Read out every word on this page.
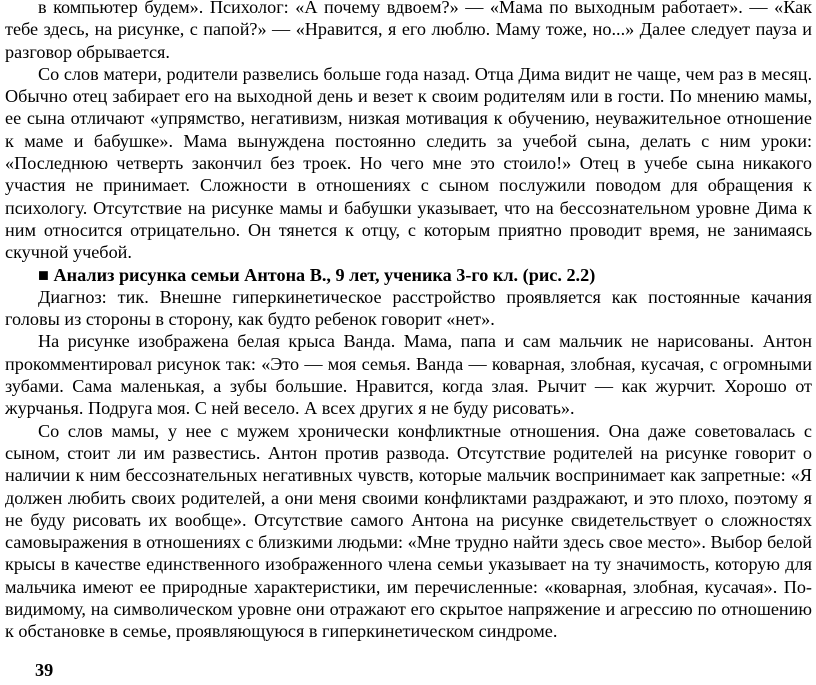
в компьютер будем». Психолог: «А почему вдвоем?» — «Мама по выходным работает». — «Как тебе здесь, на рисунке, с папой?» — «Нравится, я его люблю. Маму тоже, но...» Далее следует пауза и разговор обрывается.

Со слов матери, родители развелись больше года назад. Отца Дима видит не чаще, чем раз в месяц. Обычно отец забирает его на выходной день и везет к своим родителям или в гости. По мнению мамы, ее сына отличают «упрямство, негативизм, низкая мотивация к обучению, неуважительное отношение к маме и бабушке». Мама вынуждена постоянно следить за учебой сына, делать с ним уроки: «Последнюю четверть закончил без троек. Но чего мне это стоило!» Отец в учебе сына никакого участия не принимает. Сложности в отношениях с сыном послужили поводом для обращения к психологу. Отсутствие на рисунке мамы и бабушки указывает, что на бессознательном уровне Дима к ним относится отрицательно. Он тянется к отцу, с которым приятно проводит время, не занимаясь скучной учебой.

■ Анализ рисунка семьи Антона В., 9 лет, ученика 3-го кл. (рис. 2.2)

Диагноз: тик. Внешне гиперкинетическое расстройство проявляется как постоянные качания головы из стороны в сторону, как будто ребенок говорит «нет».

На рисунке изображена белая крыса Ванда. Мама, папа и сам мальчик не нарисованы. Антон прокомментировал рисунок так: «Это — моя семья. Ванда — коварная, злобная, кусачая, с огромными зубами. Сама маленькая, а зубы большие. Нравится, когда злая. Рычит — как журчит. Хорошо от журчанья. Подруга моя. С ней весело. А всех других я не буду рисовать».

Со слов мамы, у нее с мужем хронически конфликтные отношения. Она даже советовалась с сыном, стоит ли им развестись. Антон против развода. Отсутствие родителей на рисунке говорит о наличии к ним бессознательных негативных чувств, которые мальчик воспринимает как запретные: «Я должен любить своих родителей, а они меня своими конфликтами раздражают, и это плохо, поэтому я не буду рисовать их вообще». Отсутствие самого Антона на рисунке свидетельствует о сложностях самовыражения в отношениях с близкими людьми: «Мне трудно найти здесь свое место». Выбор белой крысы в качестве единственного изображенного члена семьи указывает на ту значимость, которую для мальчика имеют ее природные характеристики, им перечисленные: «коварная, злобная, кусачая». По-видимому, на символическом уровне они отражают его скрытое напряжение и агрессию по отношению к обстановке в семье, проявляющуюся в гиперкинетическом синдроме.

39
